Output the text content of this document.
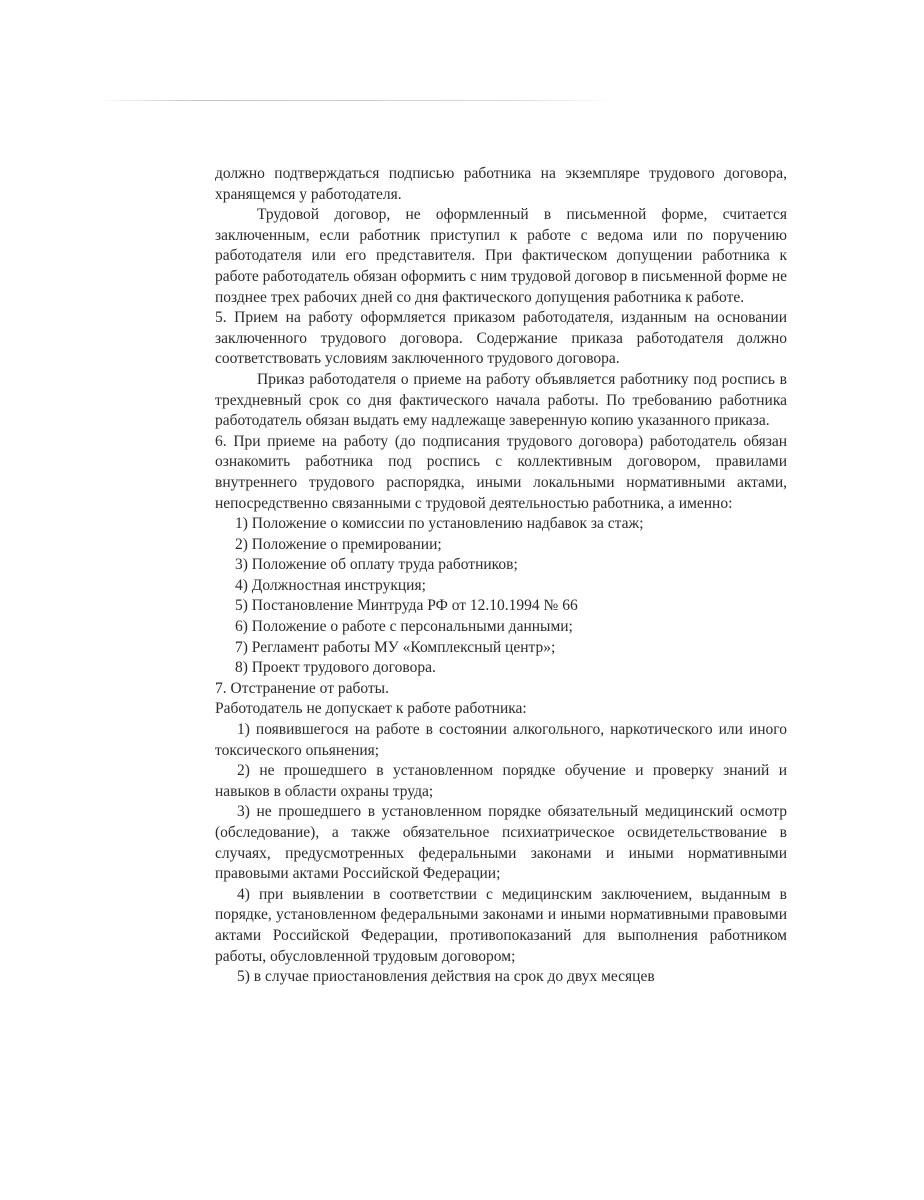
должно подтверждаться подписью работника на экземпляре трудового договора, хранящемся у работодателя.

Трудовой договор, не оформленный в письменной форме, считается заключенным, если работник приступил к работе с ведома или по поручению работодателя или его представителя. При фактическом допущении работника к работе работодатель обязан оформить с ним трудовой договор в письменной форме не позднее трех рабочих дней со дня фактического допущения работника к работе.

5. Прием на работу оформляется приказом работодателя, изданным на основании заключенного трудового договора. Содержание приказа работодателя должно соответствовать условиям заключенного трудового договора.

Приказ работодателя о приеме на работу объявляется работнику под роспись в трехдневный срок со дня фактического начала работы. По требованию работника работодатель обязан выдать ему надлежаще заверенную копию указанного приказа.

6. При приеме на работу (до подписания трудового договора) работодатель обязан ознакомить работника под роспись с коллективным договором, правилами внутреннего трудового распорядка, иными локальными нормативными актами, непосредственно связанными с трудовой деятельностью работника, а именно:

1) Положение о комиссии по установлению надбавок за стаж;
2) Положение о премировании;
3) Положение об оплату труда работников;
4) Должностная инструкция;
5) Постановление Минтруда РФ от 12.10.1994 № 66
6) Положение о работе с персональными данными;
7) Регламент работы МУ «Комплексный центр»;
8) Проект трудового договора.

7. Отстранение от работы.

Работодатель не допускает к работе работника:

1) появившегося на работе в состоянии алкогольного, наркотического или иного токсического опьянения;

2) не прошедшего в установленном порядке обучение и проверку знаний и навыков в области охраны труда;

3) не прошедшего в установленном порядке обязательный медицинский осмотр (обследование), а также обязательное психиатрическое освидетельствование в случаях, предусмотренных федеральными законами и иными нормативными правовыми актами Российской Федерации;

4) при выявлении в соответствии с медицинским заключением, выданным в порядке, установленном федеральными законами и иными нормативными правовыми актами Российской Федерации, противопоказаний для выполнения работником работы, обусловленной трудовым договором;

5) в случае приостановления действия на срок до двух месяцев
